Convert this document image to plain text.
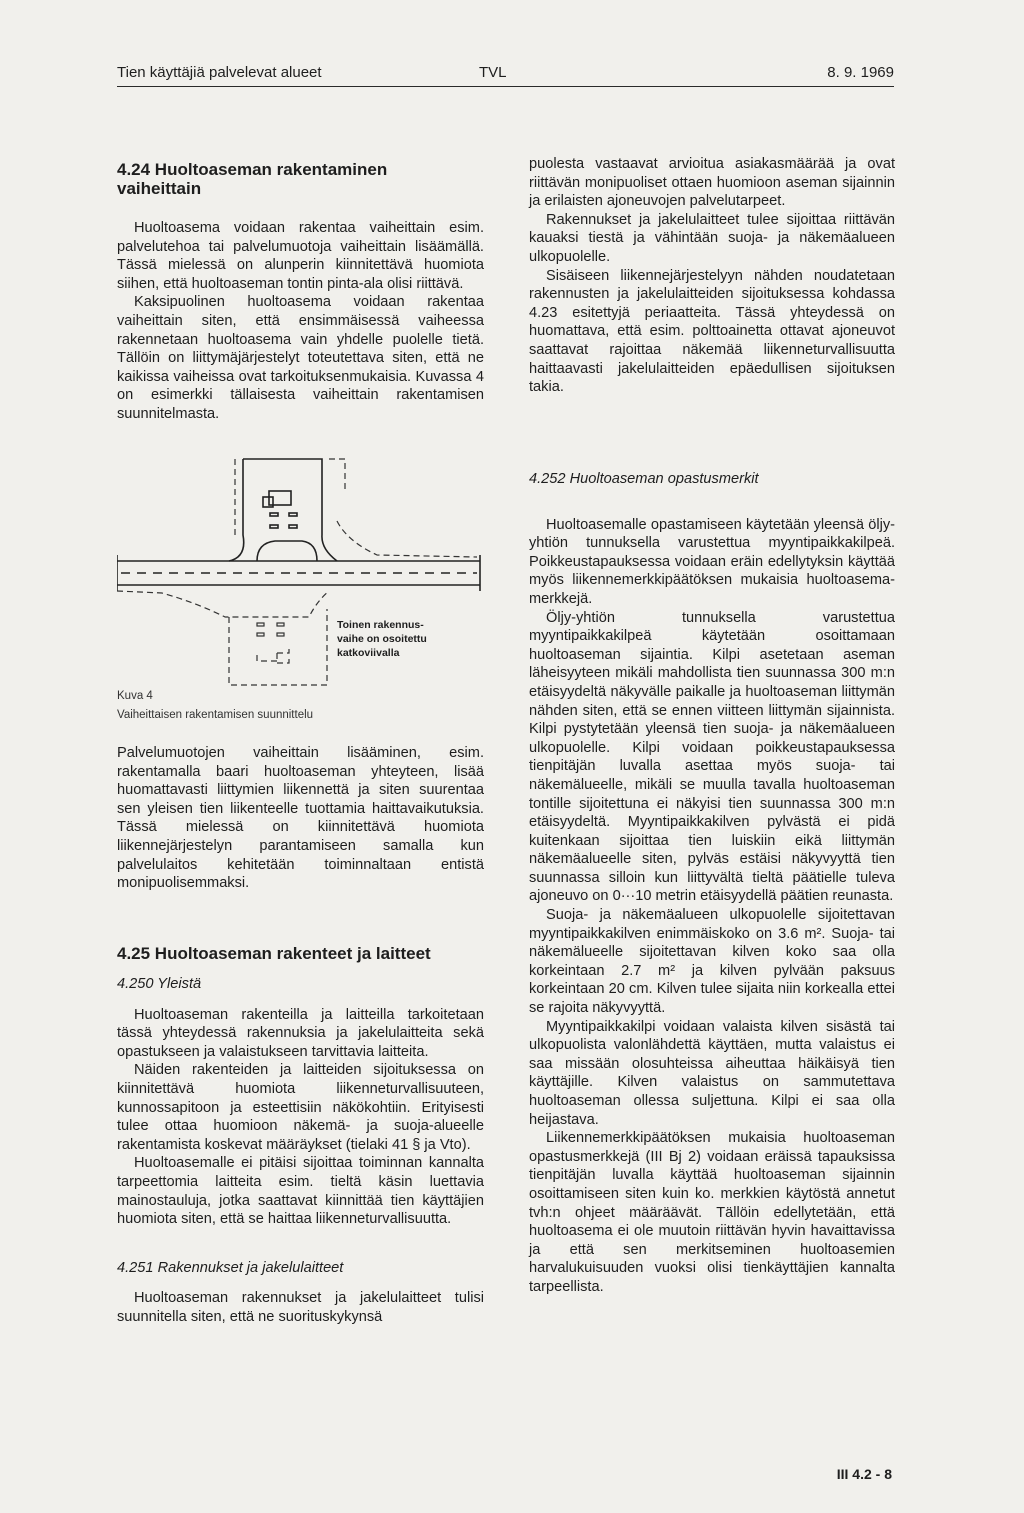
Tien käyttäjiä palvelevat alueet	TVL	8. 9. 1969
4.24 Huoltoaseman rakentaminen vaiheittain

Huoltoasema voidaan rakentaa vaiheittain esim. palvelutehoa tai palvelumuotoja vaiheittain lisäämällä. Tässä mielessä on alunperin kiinnitettävä huomiota siihen, että huoltoaseman tontin pinta-ala olisi riittävä.

Kaksipuolinen huoltoasema voidaan rakentaa vaiheittain siten, että ensimmäisessä vaiheessa rakennetaan huoltoasema vain yhdelle puolelle tietä. Tällöin on liittymäjärjestelyt toteutettava siten, että ne kaikissa vaiheissa ovat tarkoituksenmukaisia. Kuvassa 4 on esimerkki tällaisesta vaiheittain rakentamisen suunnitelmasta.

Toinen rakennus-
vaihe on osoitettu
katkoviivalla
Kuva 4
Vaiheittaisen rakentamisen suunnittelu

Palvelumuotojen vaiheittain lisääminen, esim. rakentamalla baari huoltoaseman yhteyteen, lisää huomattavasti liittymien liikennettä ja siten suurentaa sen yleisen tien liikenteelle tuottamia haittavaikutuksia. Tässä mielessä on kiinnitettävä huomiota liikennejärjestelyn parantamiseen samalla kun palvelulaitos kehitetään toiminnaltaan entistä monipuolisemmaksi.

4.25 Huoltoaseman rakenteet ja laitteet
4.250 Yleistä

Huoltoaseman rakenteilla ja laitteilla tarkoitetaan tässä yhteydessä rakennuksia ja jakelulaitteita sekä opastukseen ja valaistukseen tarvittavia laitteita.

Näiden rakenteiden ja laitteiden sijoituksessa on kiinnitettävä huomiota liikenneturvallisuuteen, kunnossapitoon ja esteettisiin näkökohtiin. Erityisesti tulee ottaa huomioon näkemä- ja suoja-alueelle rakentamista koskevat määräykset (tielaki 41 § ja Vto).

Huoltoasemalle ei pitäisi sijoittaa toiminnan kannalta tarpeettomia laitteita esim. tieltä käsin luettavia mainostauluja, jotka saattavat kiinnittää tien käyttäjien huomiota siten, että se haittaa liikenneturvallisuutta.

4.251 Rakennukset ja jakelulaitteet

Huoltoaseman rakennukset ja jakelulaitteet tulisi suunnitella siten, että ne suorituskykynsä

puolesta vastaavat arvioitua asiakasmäärää ja ovat riittävän monipuoliset ottaen huomioon aseman sijainnin ja erilaisten ajoneuvojen palvelutarpeet.

Rakennukset ja jakelulaitteet tulee sijoittaa riittävän kauaksi tiestä ja vähintään suoja- ja näkemäalueen ulkopuolelle.

Sisäiseen liikennejärjestelyyn nähden noudatetaan rakennusten ja jakelulaitteiden sijoituksessa kohdassa 4.23 esitettyjä periaatteita. Tässä yhteydessä on huomattava, että esim. polttoainetta ottavat ajoneuvot saattavat rajoittaa näkemää liikenneturvallisuutta haittaavasti jakelulaitteiden epäedullisen sijoituksen takia.

4.252 Huoltoaseman opastusmerkit

Huoltoasemalle opastamiseen käytetään yleensä öljy-yhtiön tunnuksella varustettua myyntipaikkakilpeä. Poikkeustapauksessa voidaan eräin edellytyksin käyttää myös liikennemerkkipäätöksen mukaisia huoltoasema-merkkejä.

Öljy-yhtiön tunnuksella varustettua myyntipaikkakilpeä käytetään osoittamaan huoltoaseman sijaintia. Kilpi asetetaan aseman läheisyyteen mikäli mahdollista tien suunnassa 300 m:n etäisyydeltä näkyvälle paikalle ja huoltoaseman liittymän nähden siten, että se ennen viitteen liittymän sijainnista. Kilpi pystytetään yleensä tien suoja- ja näkemäalueen ulkopuolelle. Kilpi voidaan poikkeustapauksessa tienpitäjän luvalla asettaa myös suoja- tai näkemälueelle, mikäli se muulla tavalla huoltoaseman tontille sijoitettuna ei näkyisi tien suunnassa 300 m:n etäisyydeltä. Myyntipaikkakilven pylvästä ei pidä kuitenkaan sijoittaa tien luiskiin eikä liittymän näkemäalueelle siten, pylväs estäisi näkyvyyttä tien suunnassa silloin kun liittyvältä tieltä päätielle tuleva ajoneuvo on 0···10 metrin etäisyydellä päätien reunasta.

Suoja- ja näkemäalueen ulkopuolelle sijoitettavan myyntipaikkakilven enimmäiskoko on 3.6 m². Suoja- tai näkemälueelle sijoitettavan kilven koko saa olla korkeintaan 2.7 m² ja kilven pylvään paksuus korkeintaan 20 cm. Kilven tulee sijaita niin korkealla ettei se rajoita näkyvyyttä.

Myyntipaikkakilpi voidaan valaista kilven sisästä tai ulkopuolista valonlähdettä käyttäen, mutta valaistus ei saa missään olosuhteissa aiheuttaa häikäisyä tien käyttäjille. Kilven valaistus on sammutettava huoltoaseman ollessa suljettuna. Kilpi ei saa olla heijastava.

Liikennemerkkipäätöksen mukaisia huoltoaseman opastusmerkkejä (III Bj 2) voidaan eräissä tapauksissa tienpitäjän luvalla käyttää huoltoaseman sijainnin osoittamiseen siten kuin ko. merkkien käytöstä annetut tvh:n ohjeet määräävät. Tällöin edellytetään, että huoltoasema ei ole muutoin riittävän hyvin havaittavissa ja että sen merkitseminen huoltoasemien harvalukuisuuden vuoksi olisi tienkäyttäjien kannalta tarpeellista.

III 4.2 - 8
